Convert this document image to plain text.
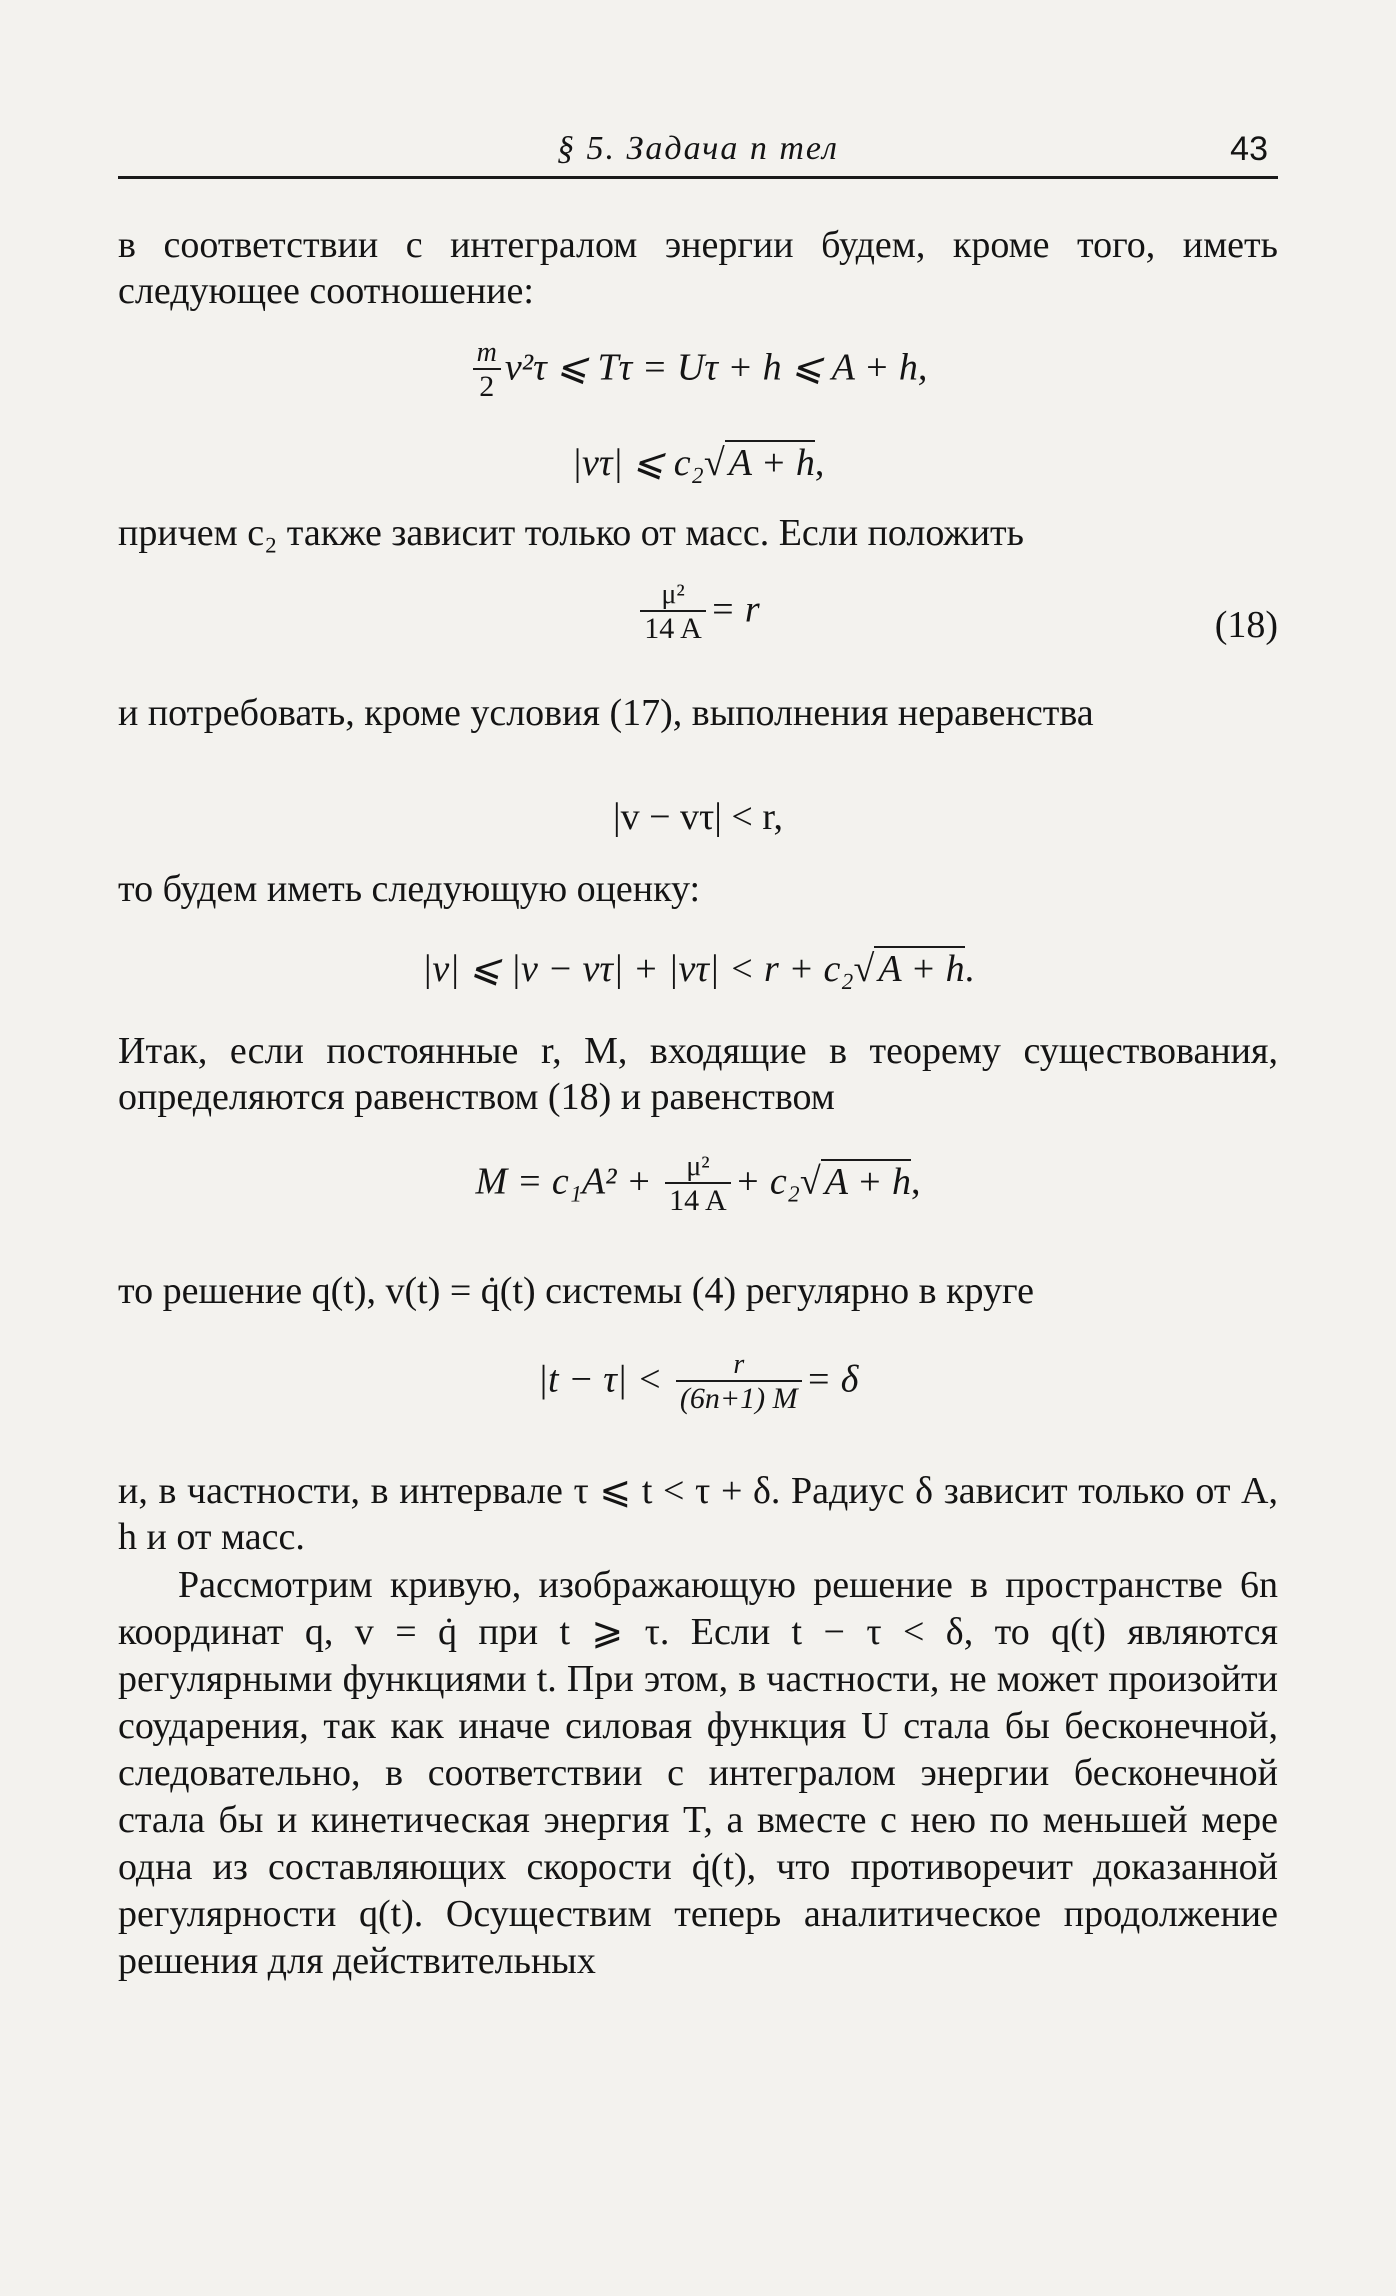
§ 5. Задача n тел	43
в соответствии с интегралом энергии будем, кроме того, иметь следующее соотношение:
$\frac{m}{2} v^2\tau$ ⩽ Tτ = Uτ + h ⩽ A + h,
|vτ| ⩽ c₂√ A + h,
причем c₂ также зависит только от масс. Если положить
$\frac{\text{μ²}}{14 A} = r$	(18)
и потребовать, кроме условия (17), выполнения неравенства
|v − vτ| < r,
то будем иметь следующую оценку:
|v| ⩽ |v − vτ| + |vτ| < r + c₂√ A + h.
Итак, если постоянные r, M, входящие в теорему существования, определяются равенством (18) и равенством
$M = c_1A^2 + \frac{\text{μ²}}{14 A} + c_2√$ A + h,
то решение q(t), v(t) = q̇(t) системы (4) регулярно в круге
$|t - \tau| < \frac{r}{(6n+1) M} = \delta$
и, в частности, в интервале τ ⩽ t < τ + δ. Радиус δ зависит только от A, h и от масс.
Рассмотрим кривую, изображающую решение в пространстве 6n координат q, v = q̇ при t ⩾ τ. Если t − τ < δ, то q(t) являются регулярными функциями t. При этом, в частности, не может произойти соударения, так как иначе силовая функция U стала бы бесконечной, следовательно, в соответствии с интегралом энергии бесконечной стала бы и кинетическая энергия T, а вместе с нею по меньшей мере одна из составляющих скорости q̇(t), что противоречит доказанной регулярности q(t). Осуществим теперь аналитическое продолжение решения для действительных
